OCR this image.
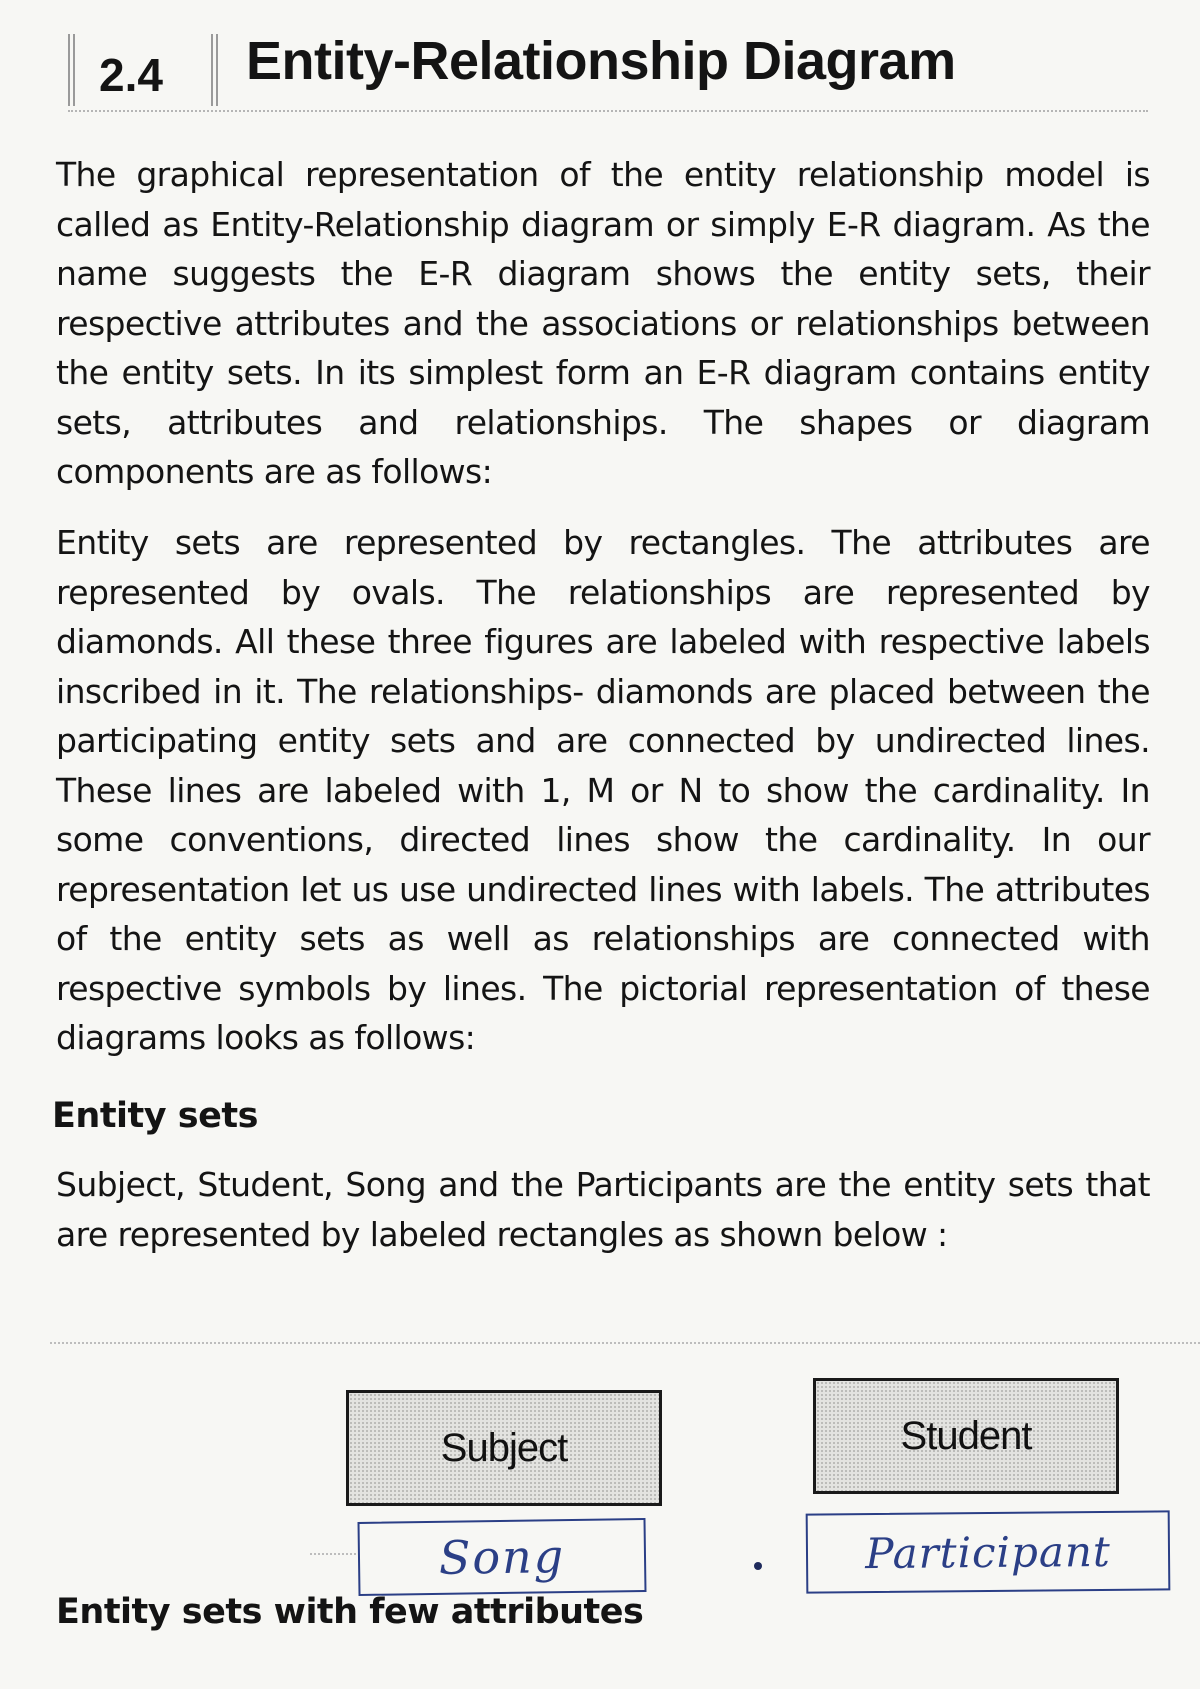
2.4 Entity-Relationship Diagram

The graphical representation of the entity relationship model is called as Entity-Relationship diagram or simply E-R diagram. As the name suggests the E-R diagram shows the entity sets, their respective attributes and the associations or relationships between the entity sets. In its simplest form an E-R diagram contains entity sets, attributes and relationships. The shapes or diagram components are as follows:

Entity sets are represented by rectangles. The attributes are represented by ovals. The relationships are represented by diamonds. All these three figures are labeled with respective labels inscribed in it. The relationships- diamonds are placed between the participating entity sets and are connected by undirected lines. These lines are labeled with 1, M or N to show the cardinality. In some conventions, directed lines show the cardinality. In our representation let us use undirected lines with labels. The attributes of the entity sets as well as relationships are connected with respective symbols by lines. The pictorial representation of these diagrams looks as follows:

Entity sets

Subject, Student, Song and the Participants are the entity sets that are represented by labeled rectangles as shown below :

Subject	Student
Song	Participant
Entity sets with few attributes
